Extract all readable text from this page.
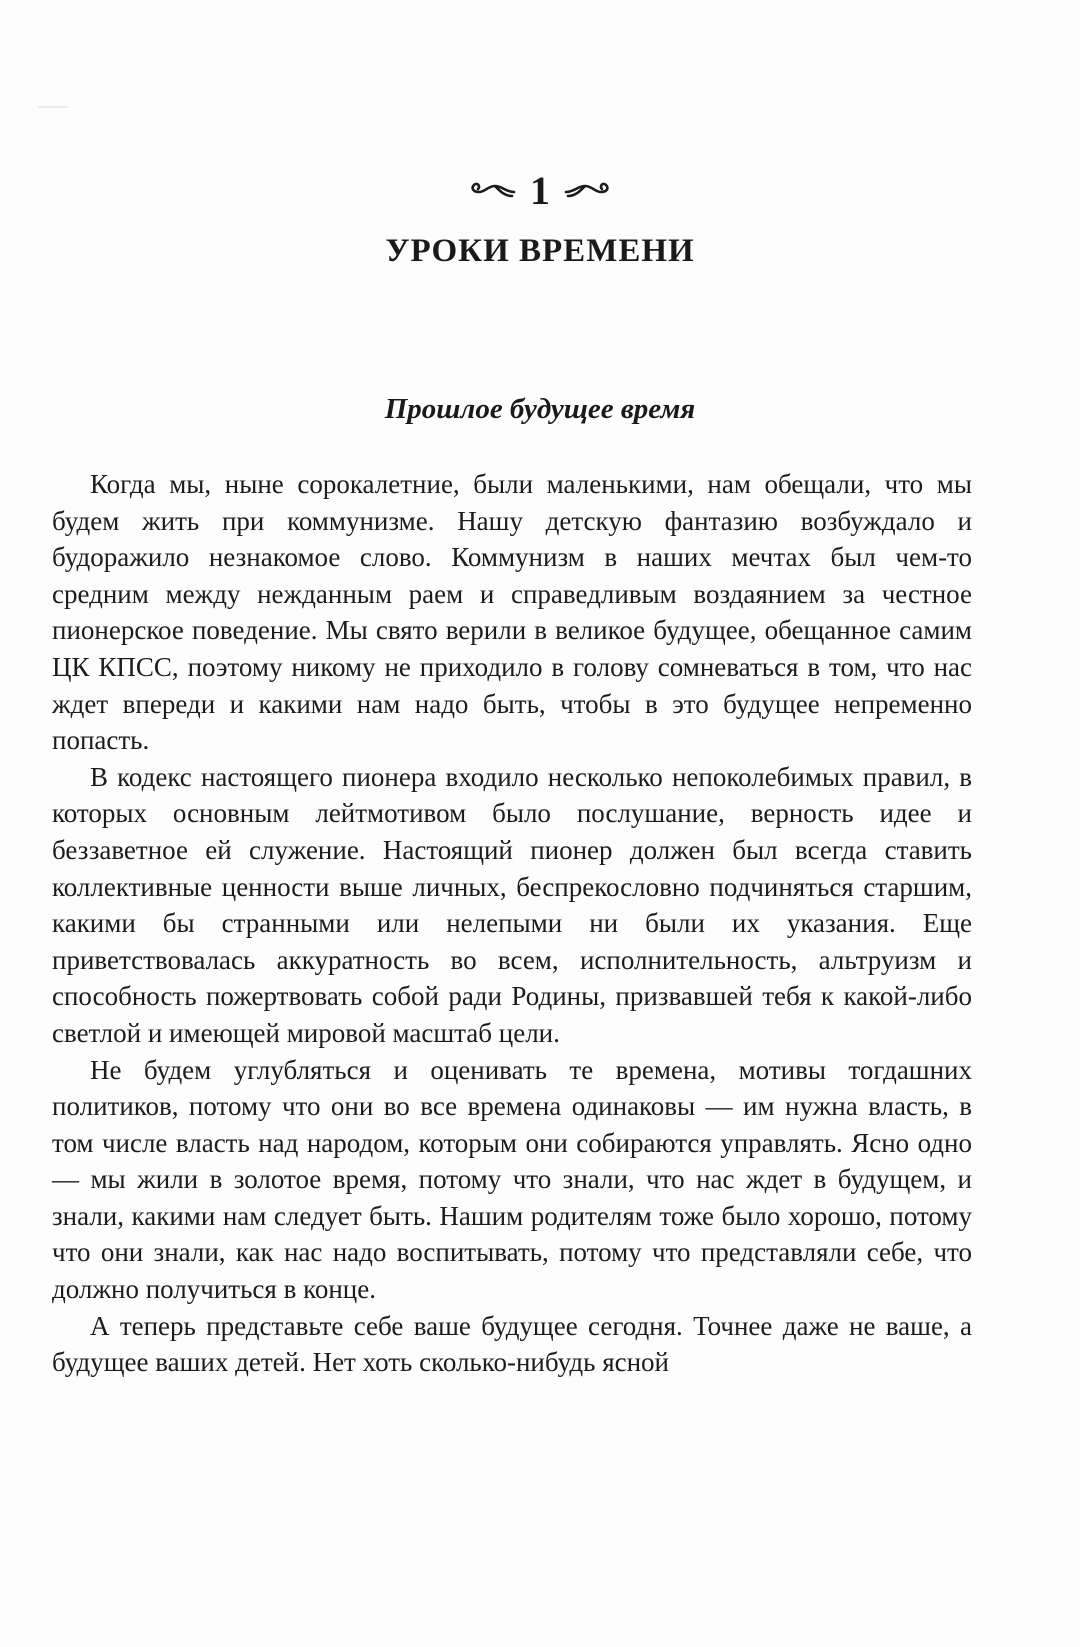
1
УРОКИ ВРЕМЕНИ
Прошлое будущее время

Когда мы, ныне сорокалетние, были маленькими, нам обещали, что мы будем жить при коммунизме. Нашу детскую фантазию возбуждало и будоражило незнакомое слово. Коммунизм в наших мечтах был чем-то средним между нежданным раем и справедливым воздаянием за честное пионерское поведение. Мы свято верили в великое будущее, обещанное самим ЦК КПСС, поэтому никому не приходило в голову сомневаться в том, что нас ждет впереди и какими нам надо быть, чтобы в это будущее непременно попасть.

В кодекс настоящего пионера входило несколько непоколебимых правил, в которых основным лейтмотивом было послушание, верность идее и беззаветное ей служение. Настоящий пионер должен был всегда ставить коллективные ценности выше личных, беспрекословно подчиняться старшим, какими бы странными или нелепыми ни были их указания. Еще приветствовалась аккуратность во всем, исполнительность, альтруизм и способность пожертвовать собой ради Родины, призвавшей тебя к какой-либо светлой и имеющей мировой масштаб цели.

Не будем углубляться и оценивать те времена, мотивы тогдашних политиков, потому что они во все времена одинаковы — им нужна власть, в том числе власть над народом, которым они собираются управлять. Ясно одно — мы жили в золотое время, потому что знали, что нас ждет в будущем, и знали, какими нам следует быть. Нашим родителям тоже было хорошо, потому что они знали, как нас надо воспитывать, потому что представляли себе, что должно получиться в конце.

А теперь представьте себе ваше будущее сегодня. Точнее даже не ваше, а будущее ваших детей. Нет хоть сколько-нибудь ясной
